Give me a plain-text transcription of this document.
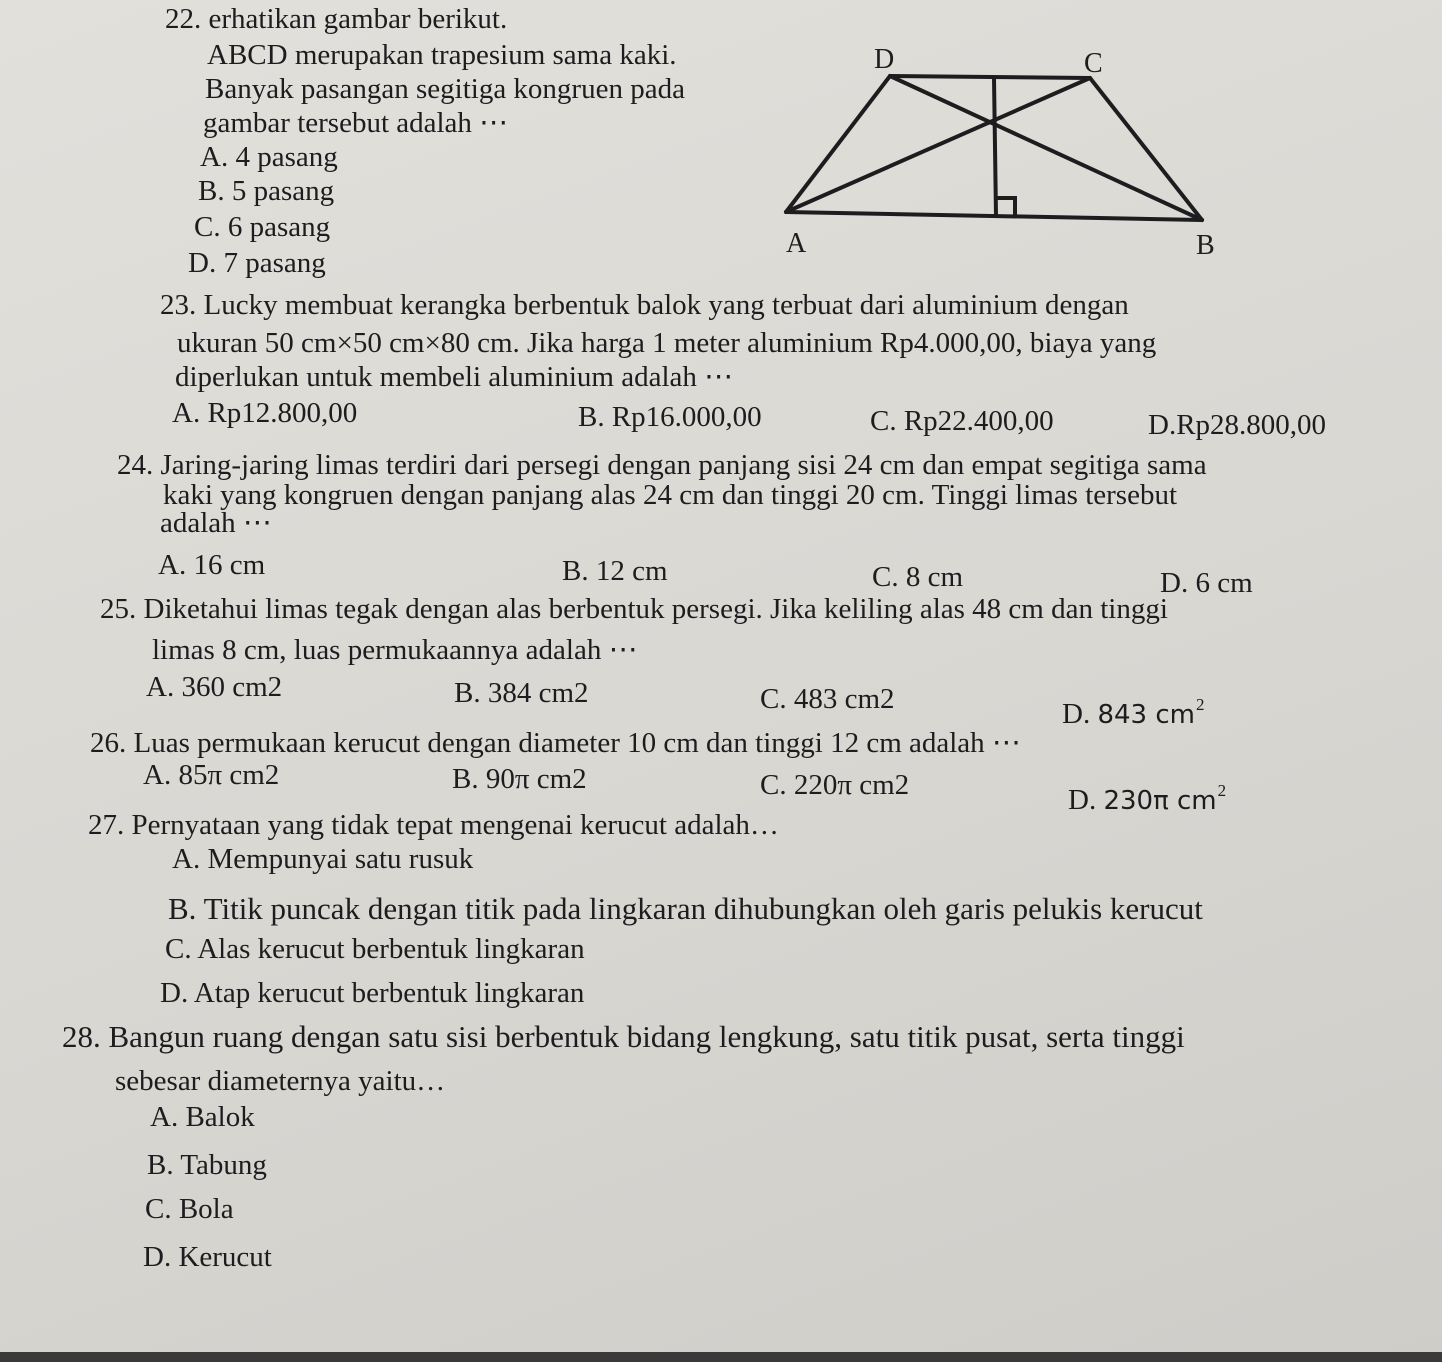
22. erhatikan gambar berikut.
ABCD merupakan trapesium sama kaki.
Banyak pasangan segitiga kongruen pada
gambar tersebut adalah ⋯
A. 4 pasang
B. 5 pasang
C. 6 pasang
D. 7 pasang
D	C
A	B
23. Lucky membuat kerangka berbentuk balok yang terbuat dari aluminium dengan
ukuran 50 cm×50 cm×80 cm. Jika harga 1 meter aluminium Rp4.000,00, biaya yang
diperlukan untuk membeli aluminium adalah ⋯
A. Rp12.800,00	B. Rp16.000,00	C. Rp22.400,00	D.Rp28.800,00
24. Jaring-jaring limas terdiri dari persegi dengan panjang sisi 24 cm dan empat segitiga sama
kaki yang kongruen dengan panjang alas 24 cm dan tinggi 20 cm. Tinggi limas tersebut
adalah ⋯
A. 16 cm	B. 12 cm	C. 8 cm	D. 6 cm
25. Diketahui limas tegak dengan alas berbentuk persegi. Jika keliling alas 48 cm dan tinggi
limas 8 cm, luas permukaannya adalah ⋯
A. 360 cm2	B. 384 cm2	C. 483 cm2	D. 843 $cm^2$
26. Luas permukaan kerucut dengan diameter 10 cm dan tinggi 12 cm adalah ⋯
A. 85π cm2	B. 90π cm2	C. 220π cm2	D. 230π $cm^2$
27. Pernyataan yang tidak tepat mengenai kerucut adalah…
A. Mempunyai satu rusuk
B. Titik puncak dengan titik pada lingkaran dihubungkan oleh garis pelukis kerucut
C. Alas kerucut berbentuk lingkaran
D. Atap kerucut berbentuk lingkaran
28. Bangun ruang dengan satu sisi berbentuk bidang lengkung, satu titik pusat, serta tinggi
sebesar diameternya yaitu…
A. Balok
B. Tabung
C. Bola
D. Kerucut
